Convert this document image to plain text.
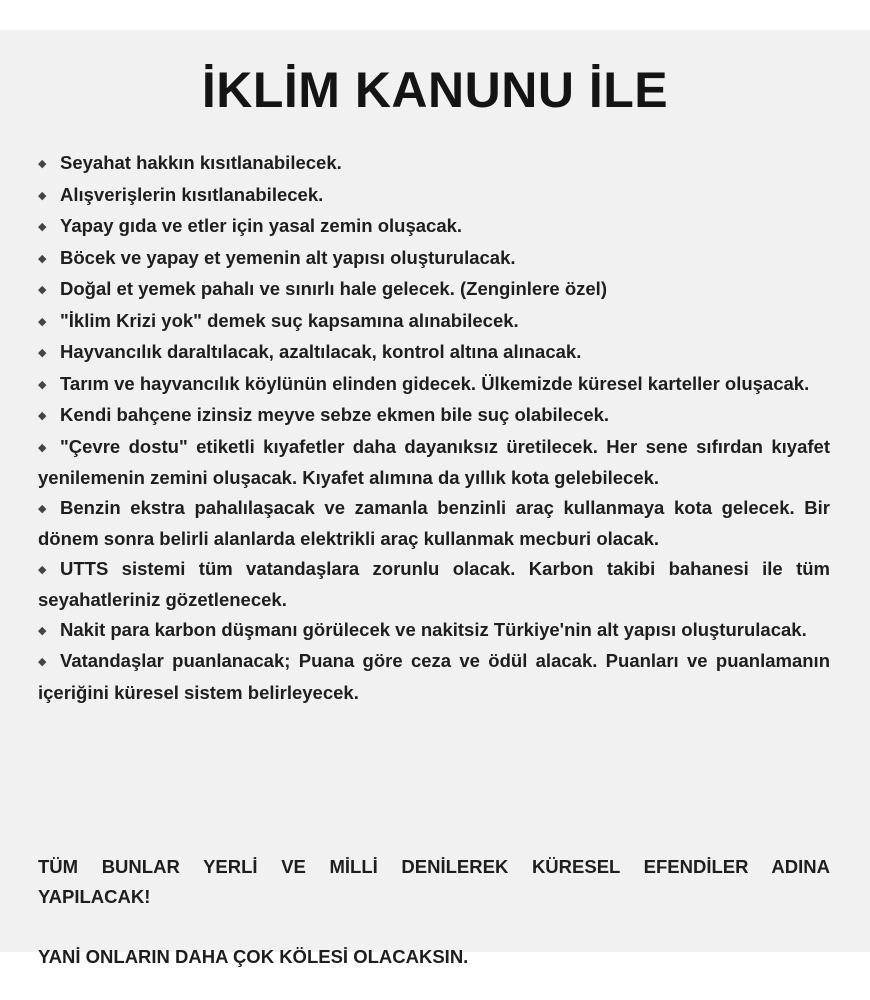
İKLİM KANUNU İLE
◆ Seyahat hakkın kısıtlanabilecek.
◆ Alışverişlerin kısıtlanabilecek.
◆ Yapay gıda ve etler için yasal zemin oluşacak.
◆ Böcek ve yapay et yemenin alt yapısı oluşturulacak.
◆ Doğal et yemek pahalı ve sınırlı hale gelecek. (Zenginlere özel)
◆ "İklim Krizi yok" demek suç kapsamına alınabilecek.
◆ Hayvancılık daraltılacak, azaltılacak, kontrol altına alınacak.
◆ Tarım ve hayvancılık köylünün elinden gidecek. Ülkemizde küresel karteller oluşacak.
◆ Kendi bahçene izinsiz meyve sebze ekmen bile suç olabilecek.
◆ "Çevre dostu" etiketli kıyafetler daha dayanıksız üretilecek. Her sene sıfırdan kıyafet yenilemenin zemini oluşacak. Kıyafet alımına da yıllık kota gelebilecek.
◆ Benzin ekstra pahalılaşacak ve zamanla benzinli araç kullanmaya kota gelecek. Bir dönem sonra belirli alanlarda elektrikli araç kullanmak mecburi olacak.
◆ UTTS sistemi tüm vatandaşlara zorunlu olacak. Karbon takibi bahanesi ile tüm seyahatleriniz gözetlenecek.
◆ Nakit para karbon düşmanı görülecek ve nakitsiz Türkiye'nin alt yapısı oluşturulacak.
◆ Vatandaşlar puanlanacak; Puana göre ceza ve ödül alacak. Puanları ve puanlamanın içeriğini küresel sistem belirleyecek.

TÜM BUNLAR YERLİ VE MİLLİ DENİLEREK KÜRESEL EFENDİLER ADINA YAPILACAK!

YANİ ONLARIN DAHA ÇOK KÖLESİ OLACAKSIN.
